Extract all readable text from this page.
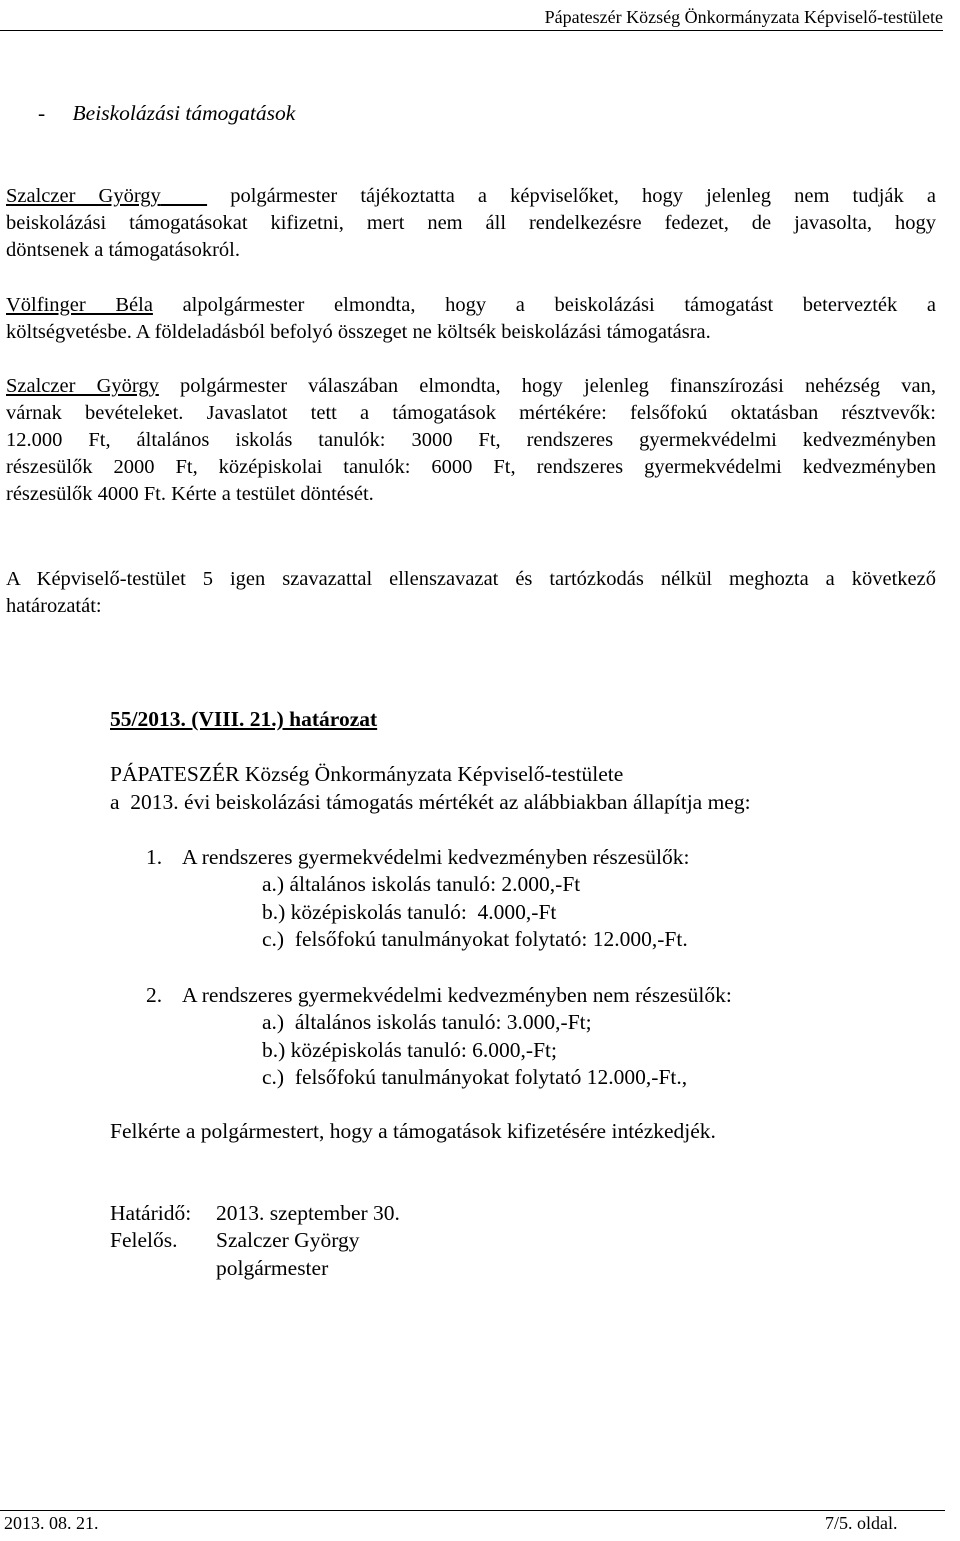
Pápateszér Község Önkormányzata Képviselő-testülete
- Beiskolázási támogatások
Szalczer György	polgármester tájékoztatta a képviselőket, hogy jelenleg nem tudják a
beiskolázási támogatásokat kifizetni, mert nem áll rendelkezésre fedezet, de javasolta, hogy
döntsenek a támogatásokról.
Völfinger Béla alpolgármester elmondta, hogy a beiskolázási támogatást betervezték a
költségvetésbe. A földeladásból befolyó összeget ne költsék beiskolázási támogatásra.
Szalczer György polgármester válaszában elmondta, hogy jelenleg finanszírozási nehézség van,
várnak bevételeket. Javaslatot tett a támogatások mértékére: felsőfokú oktatásban résztvevők:
12.000 Ft, általános iskolás tanulók: 3000 Ft, rendszeres gyermekvédelmi kedvezményben
részesülők 2000 Ft, középiskolai tanulók: 6000 Ft, rendszeres gyermekvédelmi kedvezményben
részesülők 4000 Ft. Kérte a testület döntését.
A Képviselő-testület 5 igen szavazattal ellenszavazat és tartózkodás nélkül meghozta a következő
határozatát:
55/2013. (VIII. 21.) határozat
PÁPATESZÉR Község Önkormányzata Képviselő-testülete
a  2013. évi beiskolázási támogatás mértékét az alábbiakban állapítja meg:
1. A rendszeres gyermekvédelmi kedvezményben részesülők:
a.) általános iskolás tanuló: 2.000,-Ft
b.) középiskolás tanuló:  4.000,-Ft
c.)  felsőfokú tanulmányokat folytató: 12.000,-Ft.
2. A rendszeres gyermekvédelmi kedvezményben nem részesülők:
a.)  általános iskolás tanuló: 3.000,-Ft;
b.) középiskolás tanuló: 6.000,-Ft;
c.)  felsőfokú tanulmányokat folytató 12.000,-Ft.,
Felkérte a polgármestert, hogy a támogatások kifizetésére intézkedjék.
Határidő: 2013. szeptember 30.
Felelős. Szalczer György
polgármester
2013. 08. 21.	7/5. oldal.
